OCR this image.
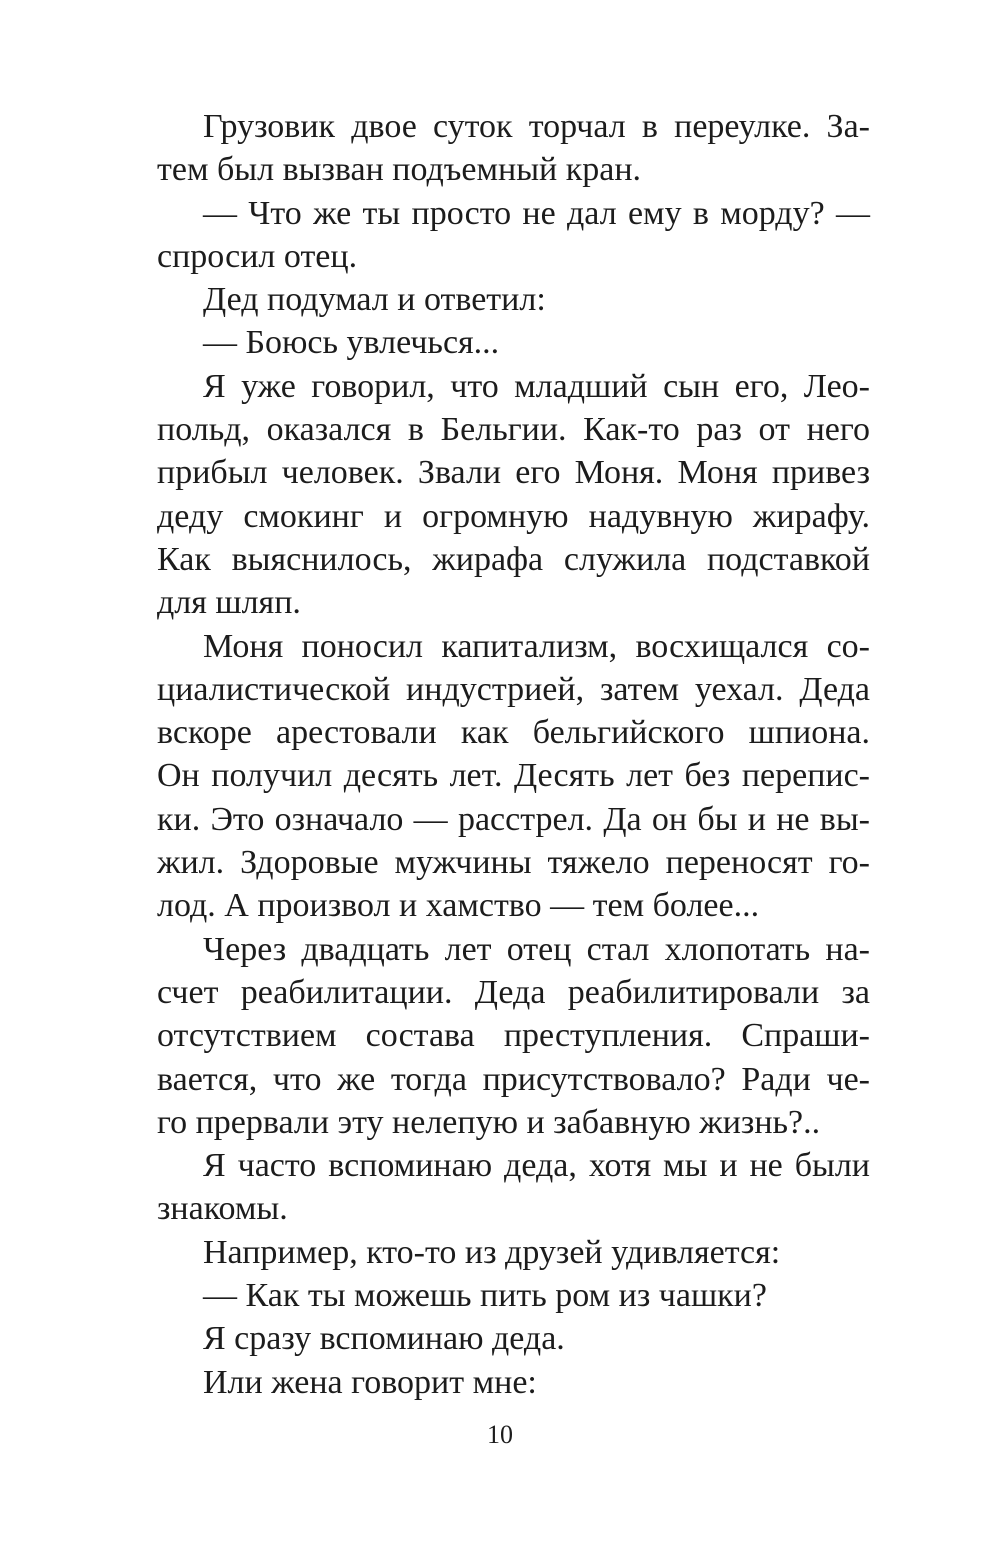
Грузовик двое суток торчал в переулке. За-
тем был вызван подъемный кран.
— Что же ты просто не дал ему в морду? —
спросил отец.
Дед подумал и ответил:
— Боюсь увлечься...
Я уже говорил, что младший сын его, Лео-
польд, оказался в Бельгии. Как-то раз от него
прибыл человек. Звали его Моня. Моня привез
деду смокинг и огромную надувную жирафу.
Как выяснилось, жирафа служила подставкой
для шляп.
Моня поносил капитализм, восхищался со-
циалистической индустрией, затем уехал. Деда
вскоре арестовали как бельгийского шпиона.
Он получил десять лет. Десять лет без перепис-
ки. Это означало — расстрел. Да он бы и не вы-
жил. Здоровые мужчины тяжело переносят го-
лод. А произвол и хамство — тем более...
Через двадцать лет отец стал хлопотать на-
счет реабилитации. Деда реабилитировали за
отсутствием состава преступления. Спраши-
вается, что же тогда присутствовало? Ради че-
го прервали эту нелепую и забавную жизнь?..
Я часто вспоминаю деда, хотя мы и не были
знакомы.
Например, кто-то из друзей удивляется:
— Как ты можешь пить ром из чашки?
Я сразу вспоминаю деда.
Или жена говорит мне:
10
